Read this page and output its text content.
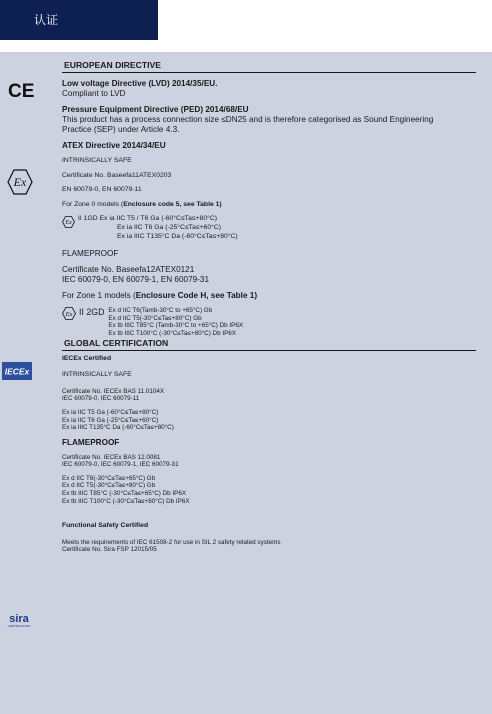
认证
CE
Ex
IECEx
sira
CERTIFICATION
EUROPEAN DIRECTIVE
Low voltage Directive (LVD) 2014/35/EU.
Compliant to LVD
Pressure Equipment Directive (PED) 2014/68/EU
This product has a process connection size ≤DN25 and is therefore categorised as Sound Engineering
Practice (SEP) under Article 4.3.
ATEX Directive 2014/34/EU
INTRINSICALLY SAFE
Certificate No. Baseefa11ATEX0203
EN 60079-0, EN 60079-11
For Zone 0 models (Enclosure code 5, see Table 1)
Ex
II 1GD Ex ia IIC T5 / T6 Ga (-60°C≤Ta≤+80°C)
Ex ia IIC T6 Ga (-25°C≤Ta≤+60°C)
Ex ia IIIC T135°C Da (-60°C≤Ta≤+80°C)
FLAMEPROOF
Certificate No. Baseefa12ATEX0121
IEC 60079-0, EN 60079-1, EN 60079-31
For Zone 1 models (Enclosure Code H, see Table 1)
Ex II 2GD Ex d IIC T6(Tamb-30°C to +65°C) Gb
Ex d IIC T5(-30°C≤Ta≤+80°C) Gb
Ex tb IIIC T85°C (Tamb-30°C to +65°C) Db IP6X
Ex tb IIIC T100°C (-30°C≤Ta≤+80°C) Db IP6X
GLOBAL CERTIFICATION
IECEx Certified
INTRINSICALLY SAFE
Certificate No. IECEx BAS 11.0104X
IEC 60079-0, IEC 60079-11
Ex ia IIC T5 Ga (-60°C≤Ta≤+80°C)
Ex ia IIC T6 Ga (-25°C≤Ta≤+60°C)
Ex ia IIIC T135°C Da (-60°C≤Ta≤+80°C)
FLAMEPROOF
Certificate No. IECEx BAS 12.0081
IEC 60079-0, IEC 60079-1, IEC 60079-31
Ex d IIC T6(-30°C≤Ta≤+65°C) Gb
Ex d IIC T5(-30°C≤Ta≤+80°C) Gb
Ex tb IIIC T85°C (-30°C≤Ta≤+65°C) Db IP6X
Ex tb IIIC T100°C (-30°C≤Ta≤+80°C) Db IP6X
Functional Safety Certified
Meets the requirements of IEC 61508-2 for use in SIL 2 safety related systems
Certificate No. Sira FSP 12015/05
